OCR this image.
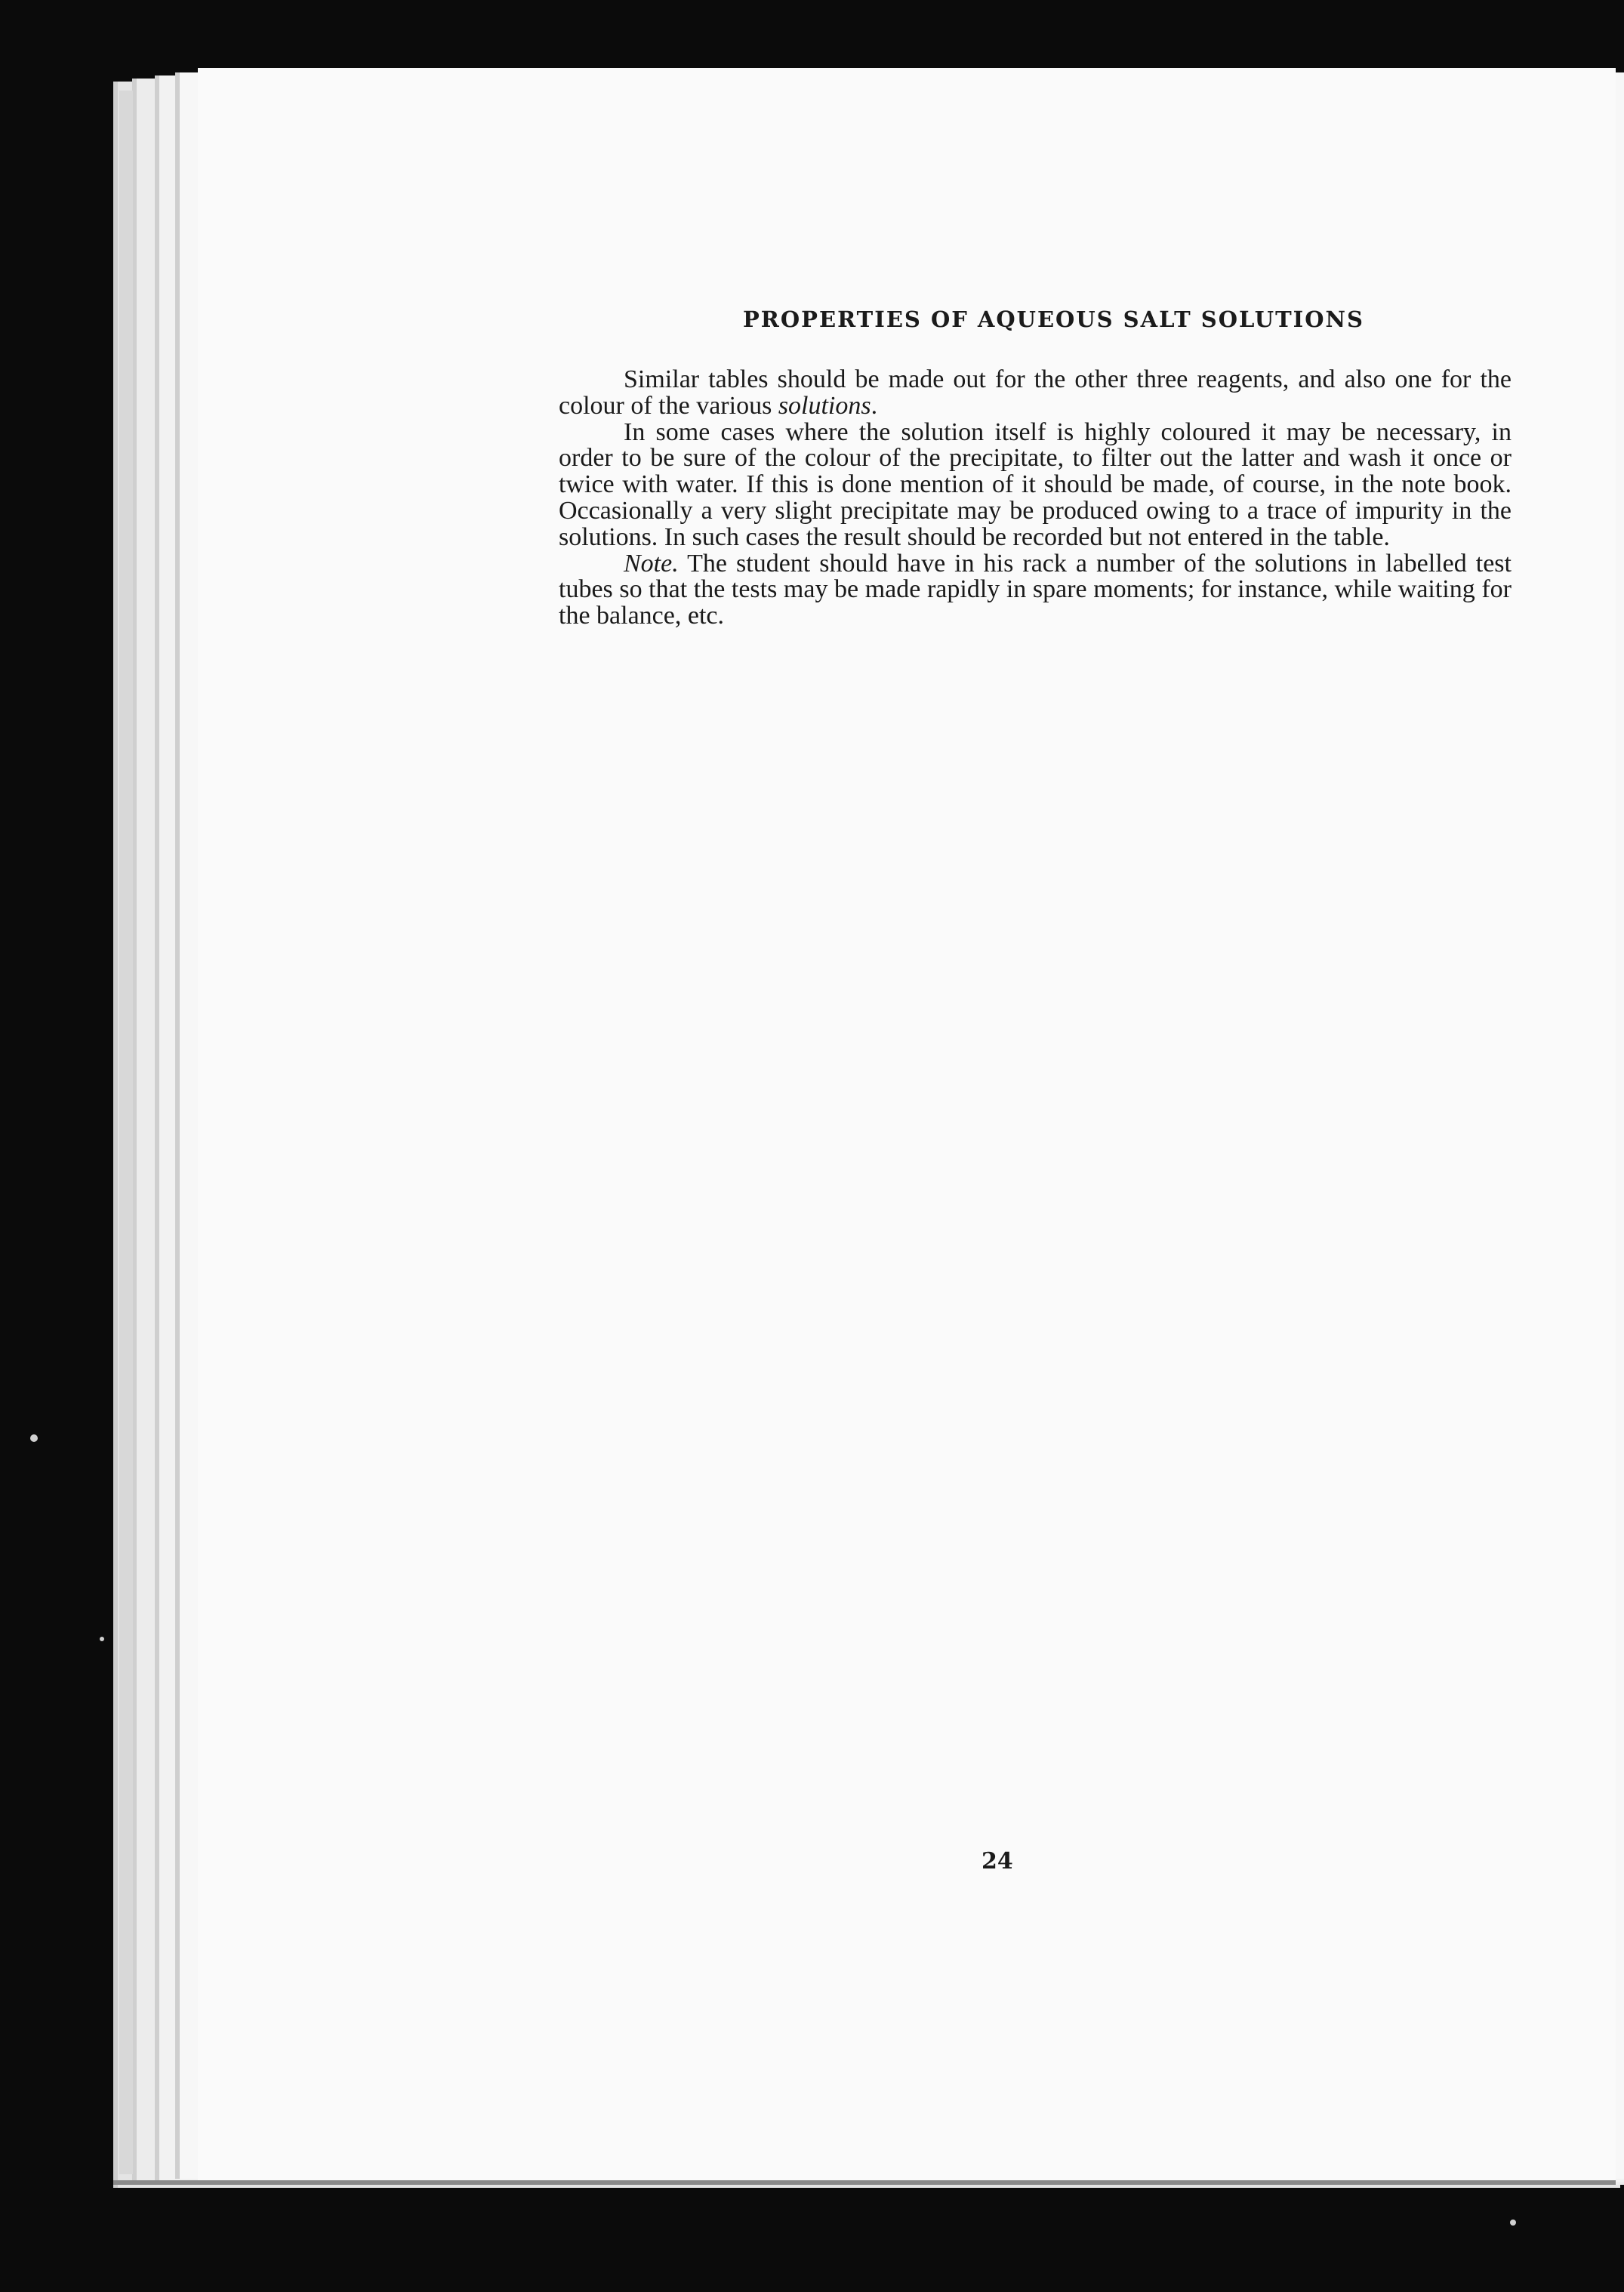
PROPERTIES OF AQUEOUS SALT SOLUTIONS

Similar tables should be made out for the other three reagents, and also one for the colour of the various solutions.

In some cases where the solution itself is highly coloured it may be necessary, in order to be sure of the colour of the precipitate, to filter out the latter and wash it once or twice with water. If this is done mention of it should be made, of course, in the note book. Occasionally a very slight precipitate may be produced owing to a trace of impurity in the solutions. In such cases the result should be recorded but not entered in the table.

Note. The student should have in his rack a number of the solutions in labelled test tubes so that the tests may be made rapidly in spare moments; for instance, while waiting for the balance, etc.

24
